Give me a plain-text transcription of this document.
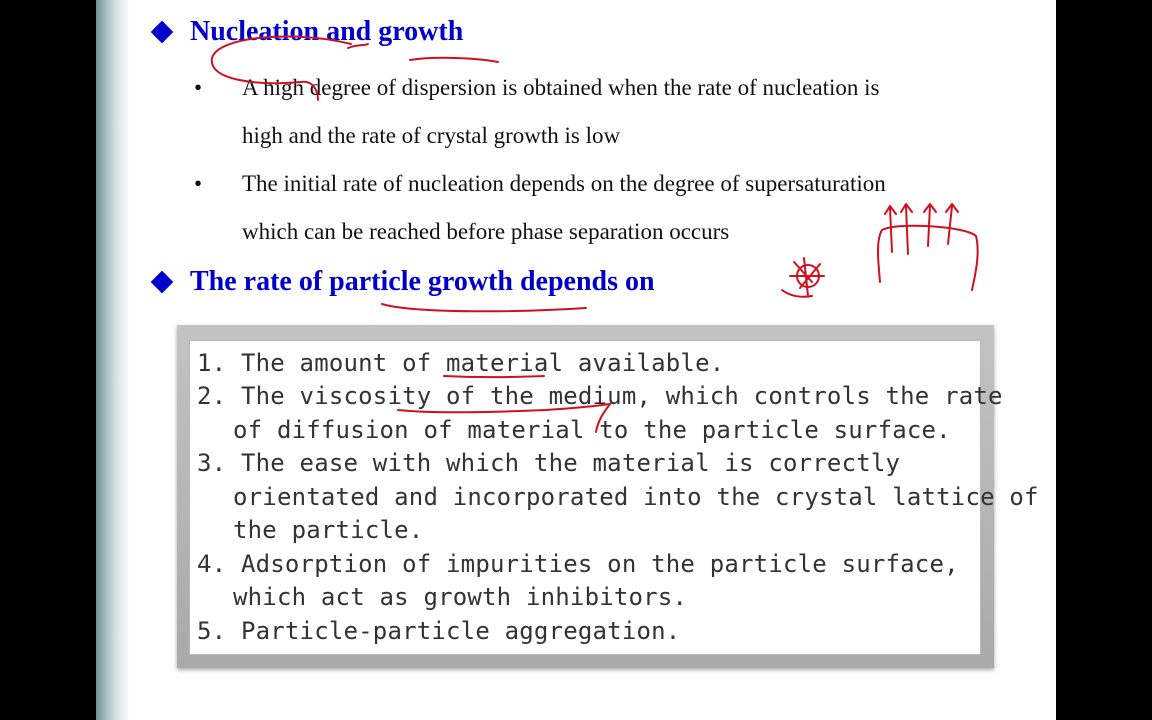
Nucleation and growth
• A high degree of dispersion is obtained when the rate of nucleation is
high and the rate of crystal growth is low
• The initial rate of nucleation depends on the degree of supersaturation
which can be reached before phase separation occurs
The rate of particle growth depends on
1. The amount of material available.
2. The viscosity of the medium, which controls the rate
of diffusion of material to the particle surface.
3. The ease with which the material is correctly
orientated and incorporated into the crystal lattice of
the particle.
4. Adsorption of impurities on the particle surface,
which act as growth inhibitors.
5. Particle-particle aggregation.
